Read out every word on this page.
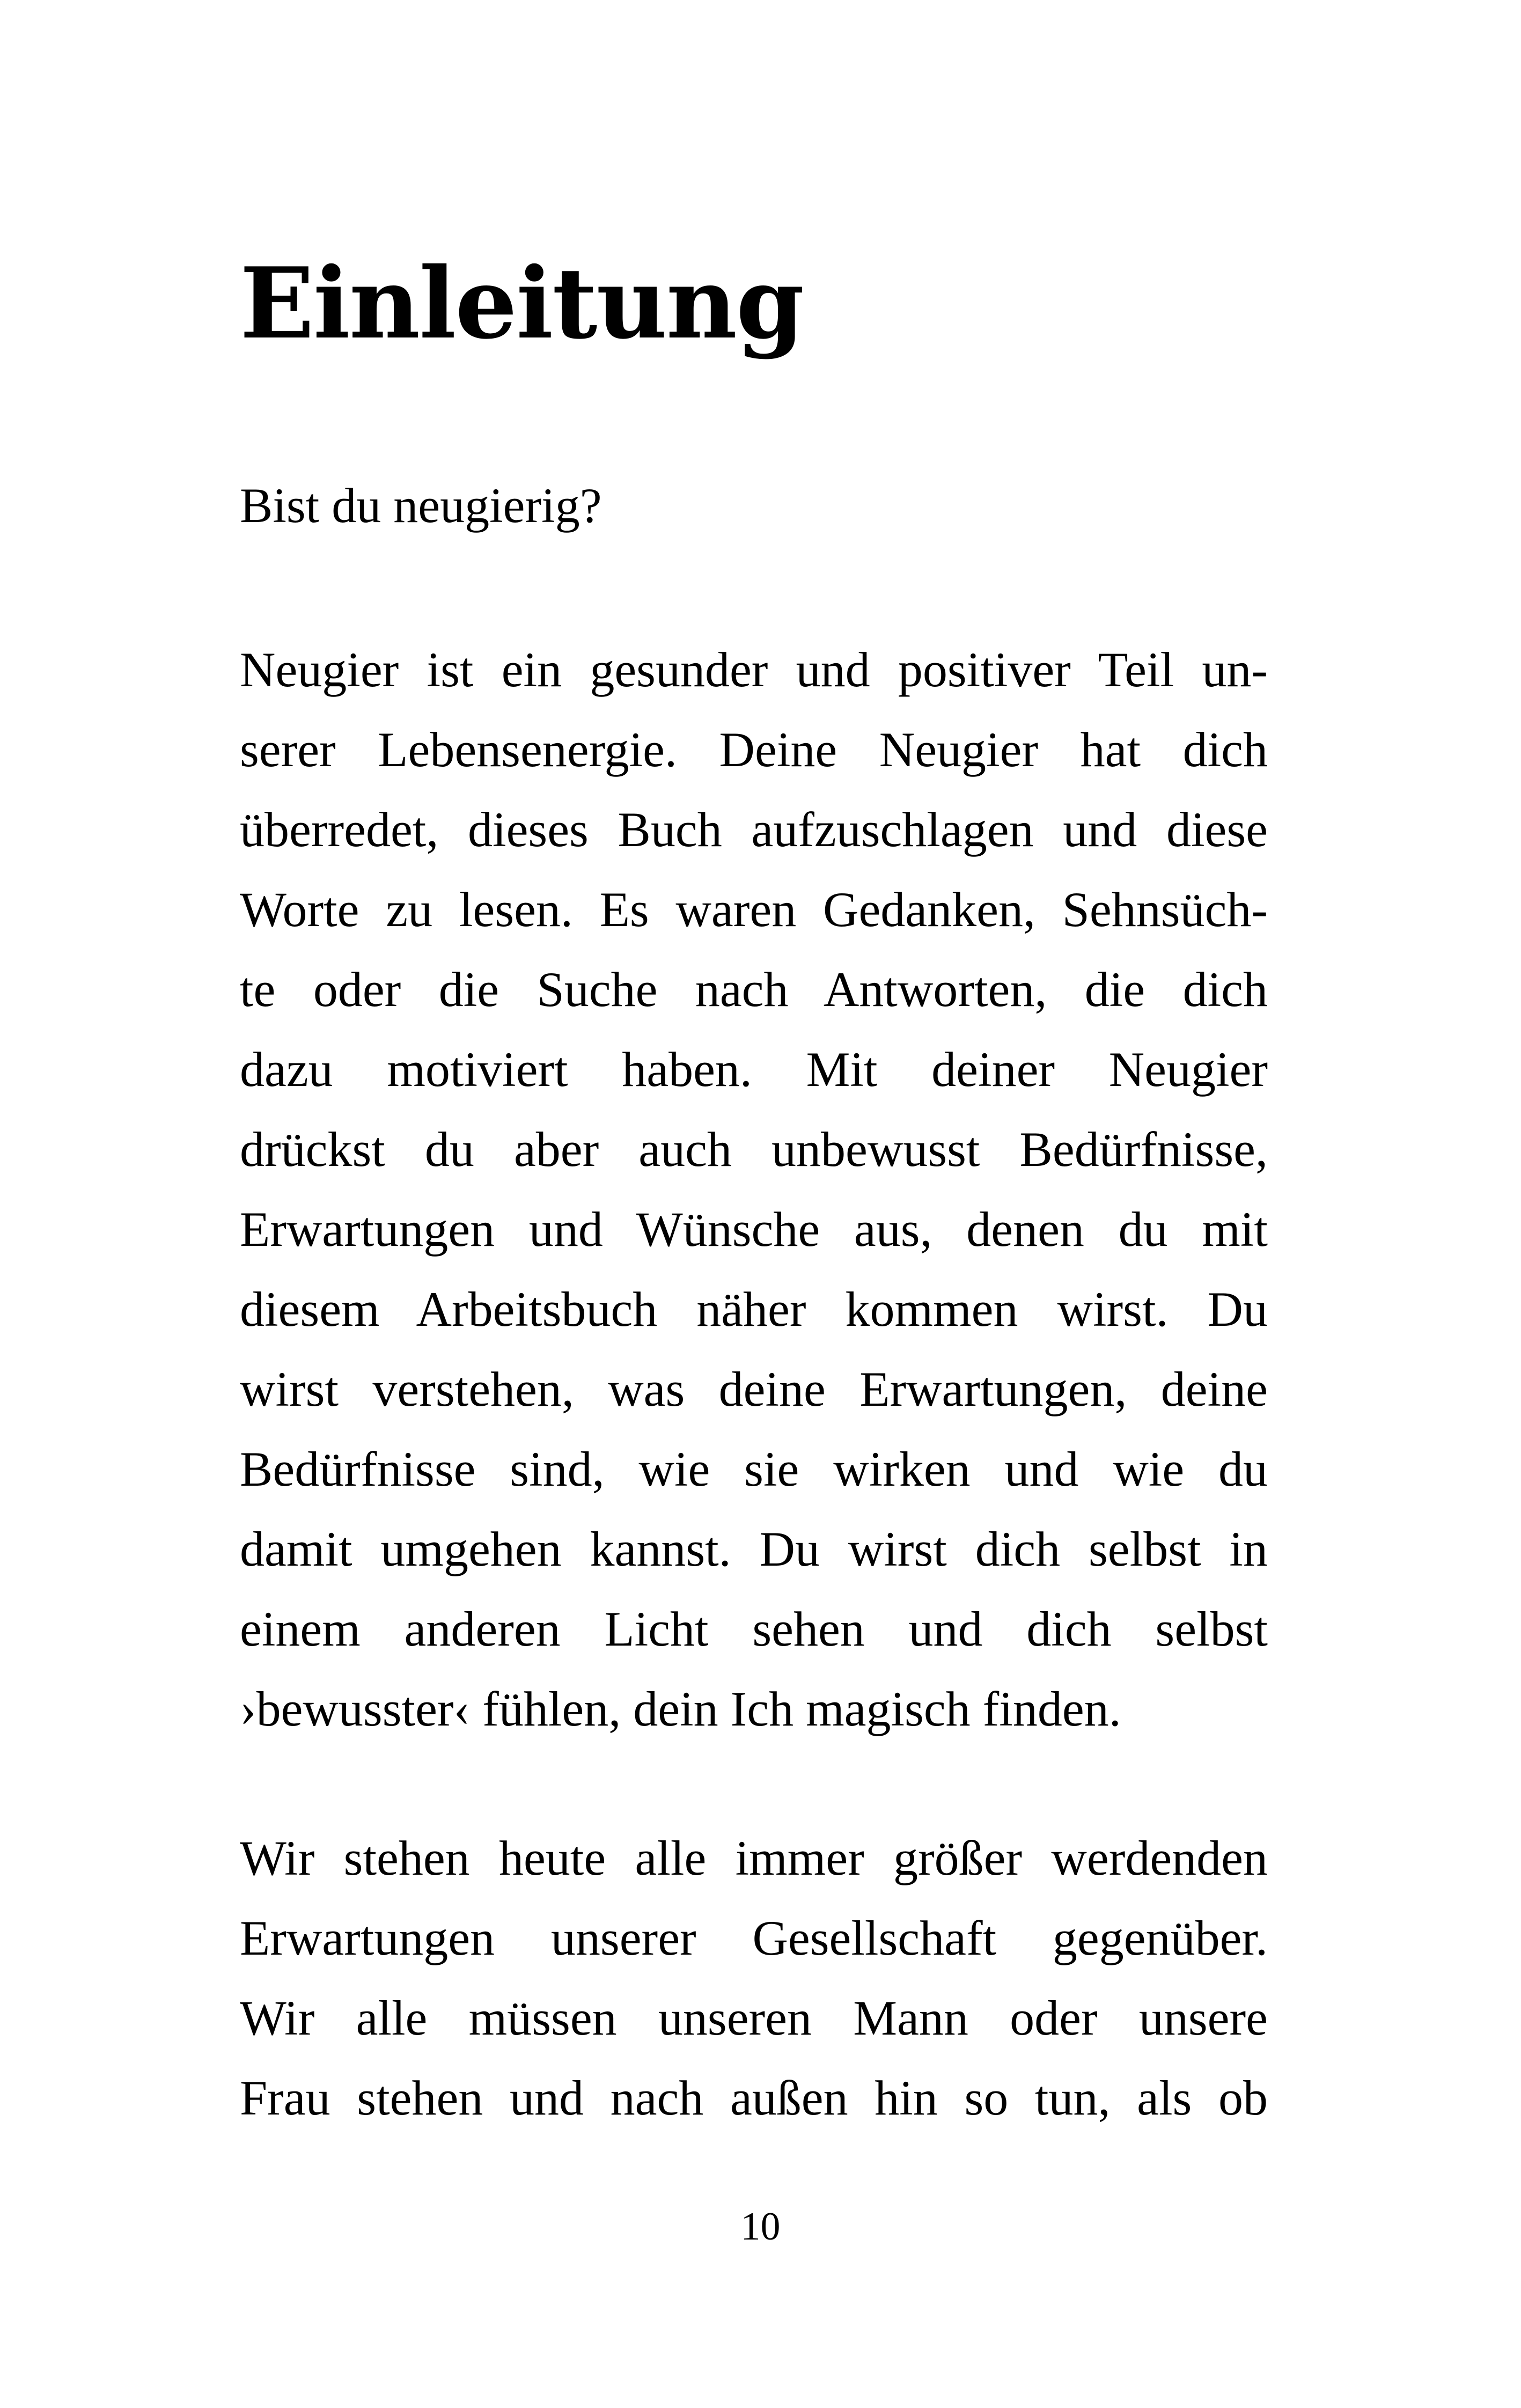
Einleitung
Bist du neugierig?
Neugier ist ein gesunder und positiver Teil un-
serer Lebensenergie. Deine Neugier hat dich
überredet, dieses Buch aufzuschlagen und diese
Worte zu lesen. Es waren Gedanken, Sehnsüch-
te oder die Suche nach Antworten, die dich
dazu motiviert haben. Mit deiner Neugier
drückst du aber auch unbewusst Bedürfnisse,
Erwartungen und Wünsche aus, denen du mit
diesem Arbeitsbuch näher kommen wirst. Du
wirst verstehen, was deine Erwartungen, deine
Bedürfnisse sind, wie sie wirken und wie du
damit umgehen kannst. Du wirst dich selbst in
einem anderen Licht sehen und dich selbst
›bewusster‹ fühlen, dein Ich magisch finden.
Wir stehen heute alle immer größer werdenden
Erwartungen unserer Gesellschaft gegenüber.
Wir alle müssen unseren Mann oder unsere
Frau stehen und nach außen hin so tun, als ob
10
